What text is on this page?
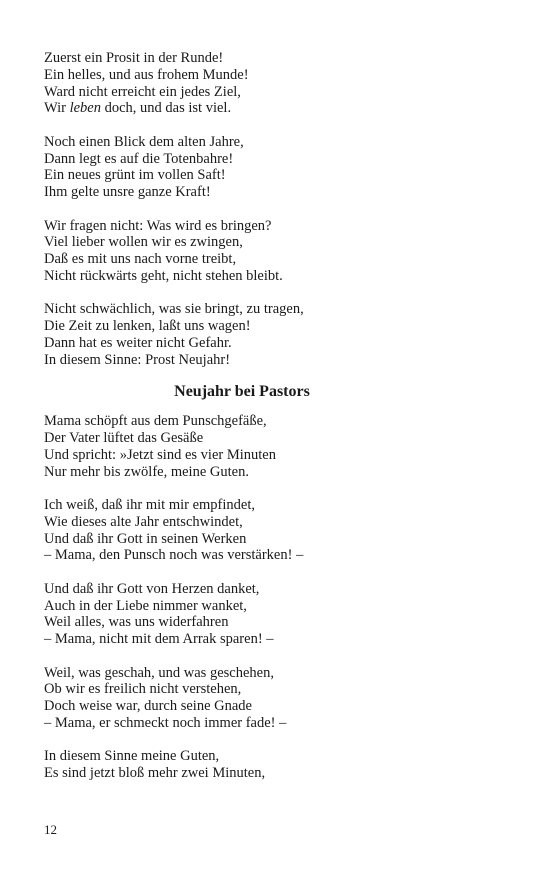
Zuerst ein Prosit in der Runde!
Ein helles, und aus frohem Munde!
Ward nicht erreicht ein jedes Ziel,
Wir leben doch, und das ist viel.
Noch einen Blick dem alten Jahre,
Dann legt es auf die Totenbahre!
Ein neues grünt im vollen Saft!
Ihm gelte unsre ganze Kraft!
Wir fragen nicht: Was wird es bringen?
Viel lieber wollen wir es zwingen,
Daß es mit uns nach vorne treibt,
Nicht rückwärts geht, nicht stehen bleibt.
Nicht schwächlich, was sie bringt, zu tragen,
Die Zeit zu lenken, laßt uns wagen!
Dann hat es weiter nicht Gefahr.
In diesem Sinne: Prost Neujahr!
Neujahr bei Pastors
Mama schöpft aus dem Punschgefäße,
Der Vater lüftet das Gesäße
Und spricht: »Jetzt sind es vier Minuten
Nur mehr bis zwölfe, meine Guten.
Ich weiß, daß ihr mit mir empfindet,
Wie dieses alte Jahr entschwindet,
Und daß ihr Gott in seinen Werken
– Mama, den Punsch noch was verstärken! –
Und daß ihr Gott von Herzen danket,
Auch in der Liebe nimmer wanket,
Weil alles, was uns widerfahren
– Mama, nicht mit dem Arrak sparen! –
Weil, was geschah, und was geschehen,
Ob wir es freilich nicht verstehen,
Doch weise war, durch seine Gnade
– Mama, er schmeckt noch immer fade! –
In diesem Sinne meine Guten,
Es sind jetzt bloß mehr zwei Minuten,
12
